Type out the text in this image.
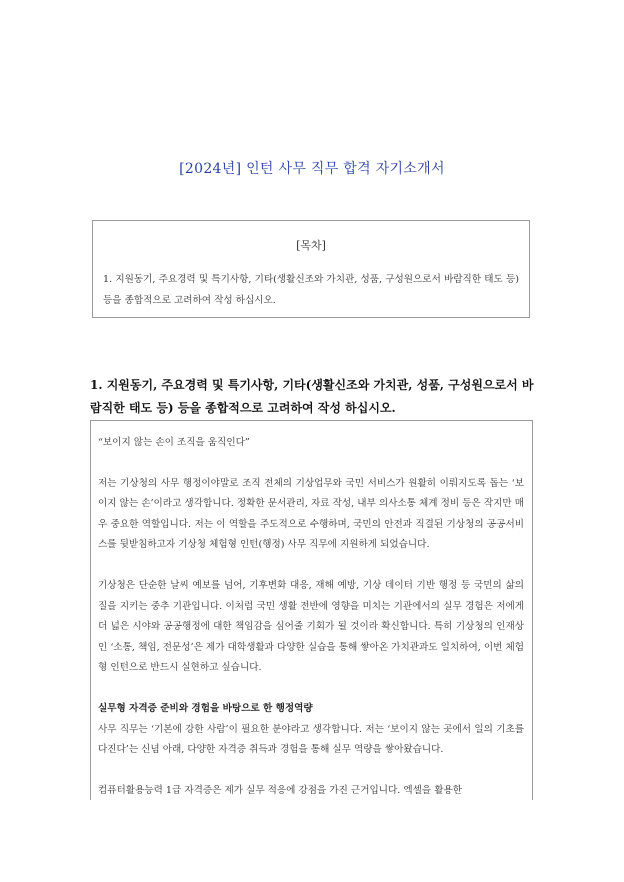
[2024년] 인턴 사무 직무 합격 자기소개서
[목차]
1. 지원동기, 주요경력 및 특기사항, 기타(생활신조와 가치관, 성품, 구성원으로서 바람직한 태도 등) 등을 종합적으로 고려하여 작성 하십시오.
1. 지원동기, 주요경력 및 특기사항, 기타(생활신조와 가치관, 성품, 구성원으로서 바람직한 태도 등) 등을 종합적으로 고려하여 작성 하십시오.

“보이지 않는 손이 조직을 움직인다”

저는 기상청의 사무 행정이야말로 조직 전체의 기상업무와 국민 서비스가 원활히 이뤄지도록 돕는 ‘보이지 않는 손’이라고 생각합니다. 정확한 문서관리, 자료 작성, 내부 의사소통 체계 정비 등은 작지만 매우 중요한 역할입니다. 저는 이 역할을 주도적으로 수행하며, 국민의 안전과 직결된 기상청의 공공서비스를 뒷받침하고자 기상청 체험형 인턴(행정) 사무 직무에 지원하게 되었습니다.

기상청은 단순한 날씨 예보를 넘어, 기후변화 대응, 재해 예방, 기상 데이터 기반 행정 등 국민의 삶의 질을 지키는 중추 기관입니다. 이처럼 국민 생활 전반에 영향을 미치는 기관에서의 실무 경험은 저에게 더 넓은 시야와 공공행정에 대한 책임감을 심어줄 기회가 될 것이라 확신합니다. 특히 기상청의 인재상인 ‘소통, 책임, 전문성’은 제가 대학생활과 다양한 실습을 통해 쌓아온 가치관과도 일치하여, 이번 체험형 인턴으로 반드시 실현하고 싶습니다.

실무형 자격증 준비와 경험을 바탕으로 한 행정역량

사무 직무는 ‘기본에 강한 사람’이 필요한 분야라고 생각합니다. 저는 ‘보이지 않는 곳에서 일의 기초를 다진다’는 신념 아래, 다양한 자격증 취득과 경험을 통해 실무 역량을 쌓아왔습니다.

컴퓨터활용능력 1급 자격증은 제가 실무 적응에 강점을 가진 근거입니다. 엑셀을 활용한
